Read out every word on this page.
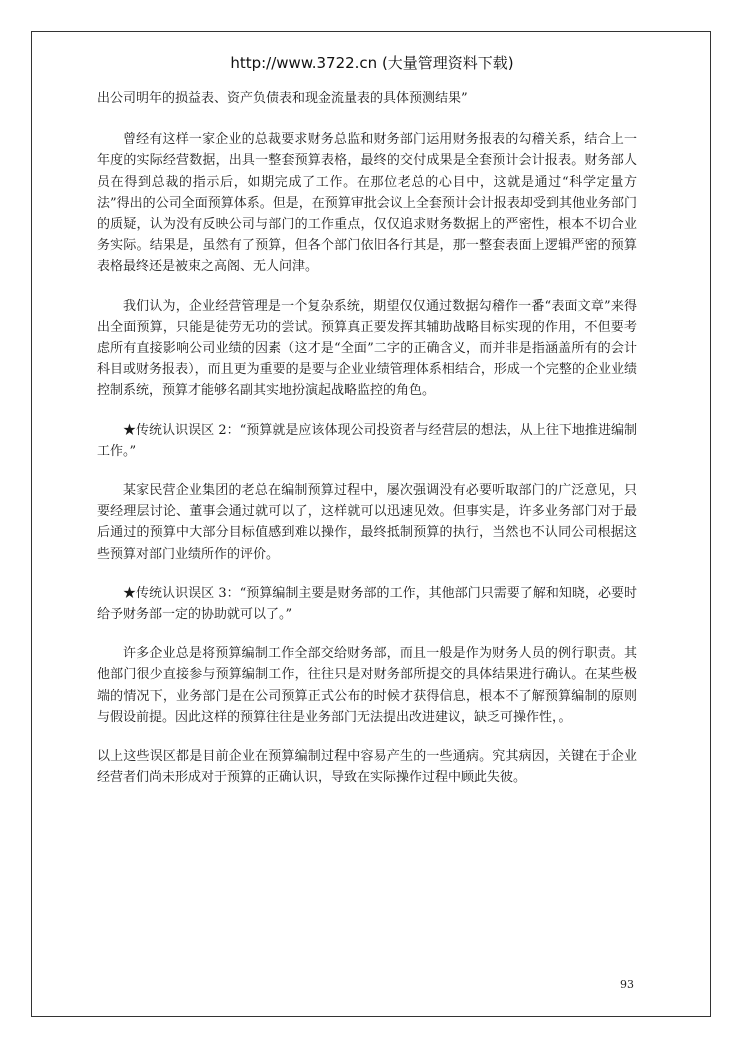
http://www.3722.cn (大量管理资料下载)

出公司明年的损益表、资产负债表和现金流量表的具体预测结果”

曾经有这样一家企业的总裁要求财务总监和财务部门运用财务报表的勾稽关系，结合上一年度的实际经营数据，出具一整套预算表格，最终的交付成果是全套预计会计报表。财务部人员在得到总裁的指示后，如期完成了工作。在那位老总的心目中，这就是通过“科学定量方法”得出的公司全面预算体系。但是，在预算审批会议上全套预计会计报表却受到其他业务部门的质疑，认为没有反映公司与部门的工作重点，仅仅追求财务数据上的严密性，根本不切合业务实际。结果是，虽然有了预算，但各个部门依旧各行其是，那一整套表面上逻辑严密的预算表格最终还是被束之高阁、无人问津。

我们认为，企业经营管理是一个复杂系统，期望仅仅通过数据勾稽作一番“表面文章”来得出全面预算，只能是徒劳无功的尝试。预算真正要发挥其辅助战略目标实现的作用，不但要考虑所有直接影响公司业绩的因素（这才是“全面”二字的正确含义，而并非是指涵盖所有的会计科目或财务报表），而且更为重要的是要与企业业绩管理体系相结合，形成一个完整的企业业绩控制系统，预算才能够名副其实地扮演起战略监控的角色。

★传统认识误区 2：“预算就是应该体现公司投资者与经营层的想法，从上往下地推进编制工作。”

某家民营企业集团的老总在编制预算过程中，屡次强调没有必要听取部门的广泛意见，只要经理层讨论、董事会通过就可以了，这样就可以迅速见效。但事实是，许多业务部门对于最后通过的预算中大部分目标值感到难以操作，最终抵制预算的执行，当然也不认同公司根据这些预算对部门业绩所作的评价。

★传统认识误区 3：“预算编制主要是财务部的工作，其他部门只需要了解和知晓，必要时给予财务部一定的协助就可以了。”

许多企业总是将预算编制工作全部交给财务部，而且一般是作为财务人员的例行职责。其他部门很少直接参与预算编制工作，往往只是对财务部所提交的具体结果进行确认。在某些极端的情况下，业务部门是在公司预算正式公布的时候才获得信息，根本不了解预算编制的原则与假设前提。因此这样的预算往往是业务部门无法提出改进建议，缺乏可操作性，。

以上这些误区都是目前企业在预算编制过程中容易产生的一些通病。究其病因，关键在于企业经营者们尚未形成对于预算的正确认识，导致在实际操作过程中顾此失彼。

93
